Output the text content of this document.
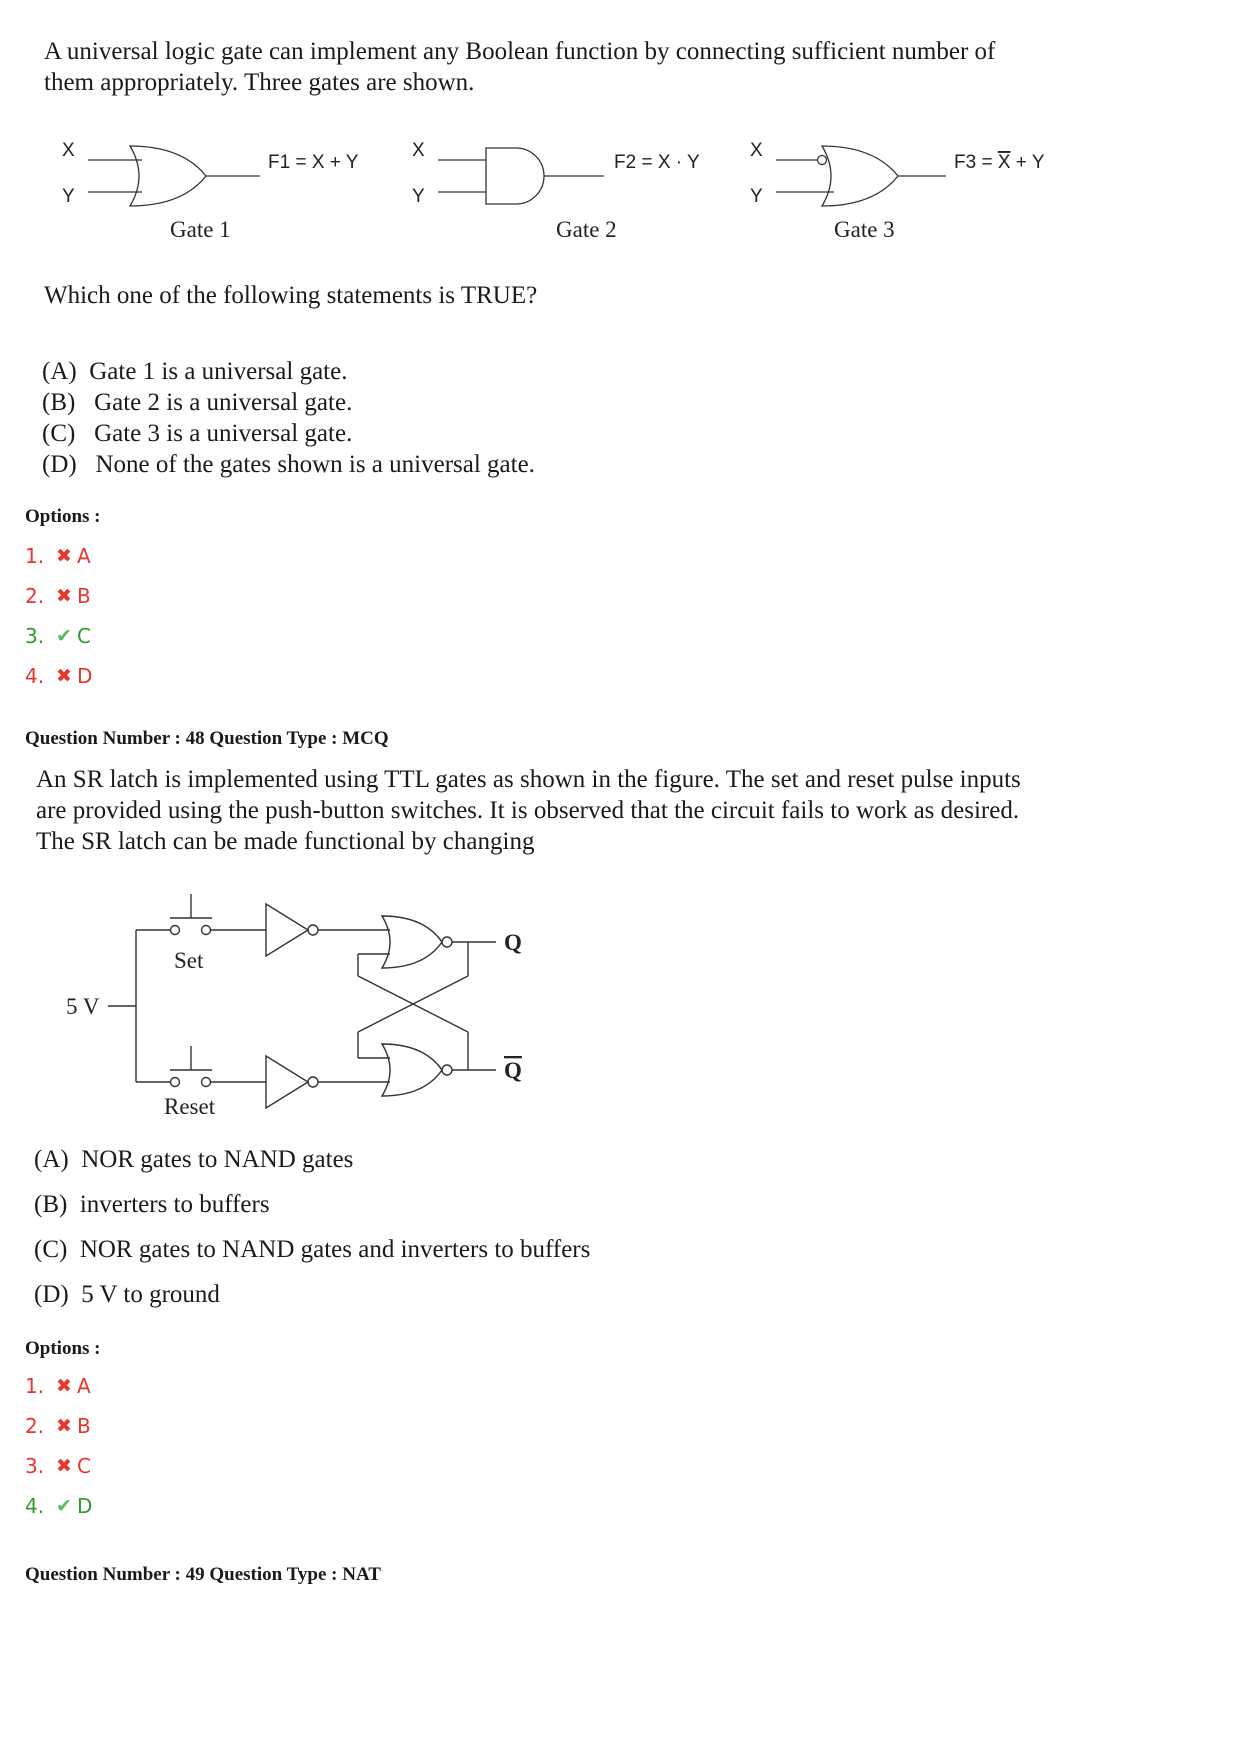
A universal logic gate can implement any Boolean function by connecting sufficient number of
them appropriately. Three gates are shown.
X
Y
F1 = X + Y
X
Y
F2 = X · Y
X
Y
F3 = X + Y
Gate 1	Gate 2	Gate 3
Which one of the following statements is TRUE?
(A) Gate 1 is a universal gate.
(B) Gate 2 is a universal gate.
(C) Gate 3 is a universal gate.
(D) None of the gates shown is a universal gate.
Options :
1. ✖ A
2. ✖ B
3. ✔ C
4. ✖ D
Question Number : 48 Question Type : MCQ
An SR latch is implemented using TTL gates as shown in the figure. The set and reset pulse inputs
are provided using the push-button switches. It is observed that the circuit fails to work as desired.
The SR latch can be made functional by changing
5 V
Set
Reset
Q
Q
(A) NOR gates to NAND gates
(B) inverters to buffers
(C) NOR gates to NAND gates and inverters to buffers
(D) 5 V to ground
Options :
1. ✖ A
2. ✖ B
3. ✖ C
4. ✔ D
Question Number : 49 Question Type : NAT
